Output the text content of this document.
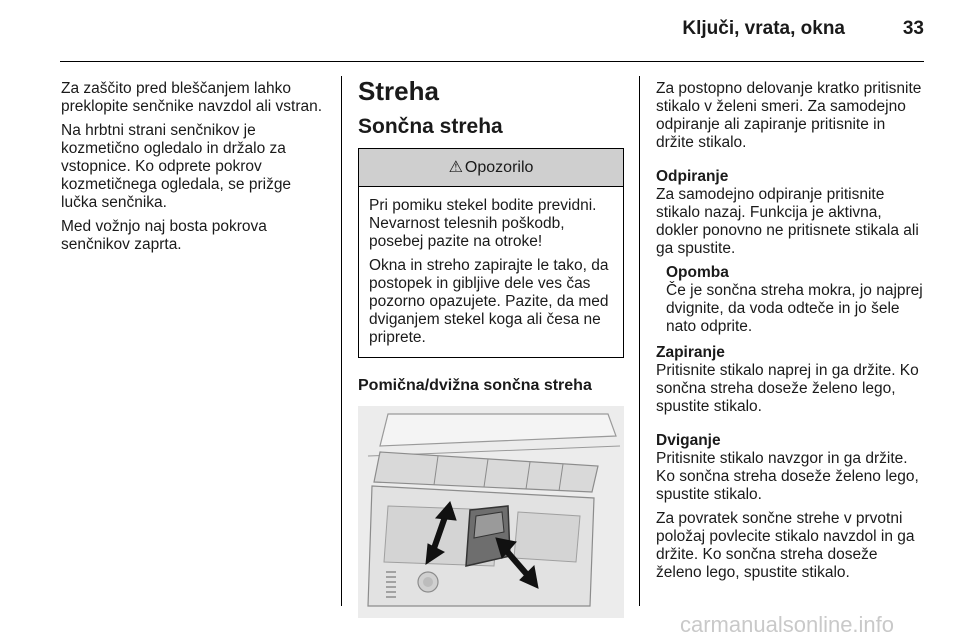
Ključi, vrata, okna	33

Za zaščito pred bleščanjem lahko preklopite senčnike navzdol ali vstran.

Na hrbtni strani senčnikov je kozmetično ogledalo in držalo za vstopnice. Ko odprete pokrov kozmetičnega ogledala, se prižge lučka senčnika.

Med vožnjo naj bosta pokrova senčnikov zaprta.

Streha
Sončna streha
⚠ Opozorilo

Pri pomiku stekel bodite previdni. Nevarnost telesnih poškodb, posebej pazite na otroke!

Okna in streho zapirajte le tako, da postopek in gibljive dele ves čas pozorno opazujete. Pazite, da med dviganjem stekel koga ali česa ne priprete.

Pomična/dvižna sončna streha

Za postopno delovanje kratko pritisnite stikalo v želeni smeri. Za samodejno odpiranje ali zapiranje pritisnite in držite stikalo.

Odpiranje

Za samodejno odpiranje pritisnite stikalo nazaj. Funkcija je aktivna, dokler ponovno ne pritisnete stikala ali ga spustite.

Opomba
Če je sončna streha mokra, jo najprej dvignite, da voda odteče in jo šele nato odprite.
Zapiranje

Pritisnite stikalo naprej in ga držite. Ko sončna streha doseže želeno lego, spustite stikalo.

Dviganje

Pritisnite stikalo navzgor in ga držite. Ko sončna streha doseže želeno lego, spustite stikalo.

Za povratek sončne strehe v prvotni položaj povlecite stikalo navzdol in ga držite. Ko sončna streha doseže želeno lego, spustite stikalo.

carmanualsonline.info
